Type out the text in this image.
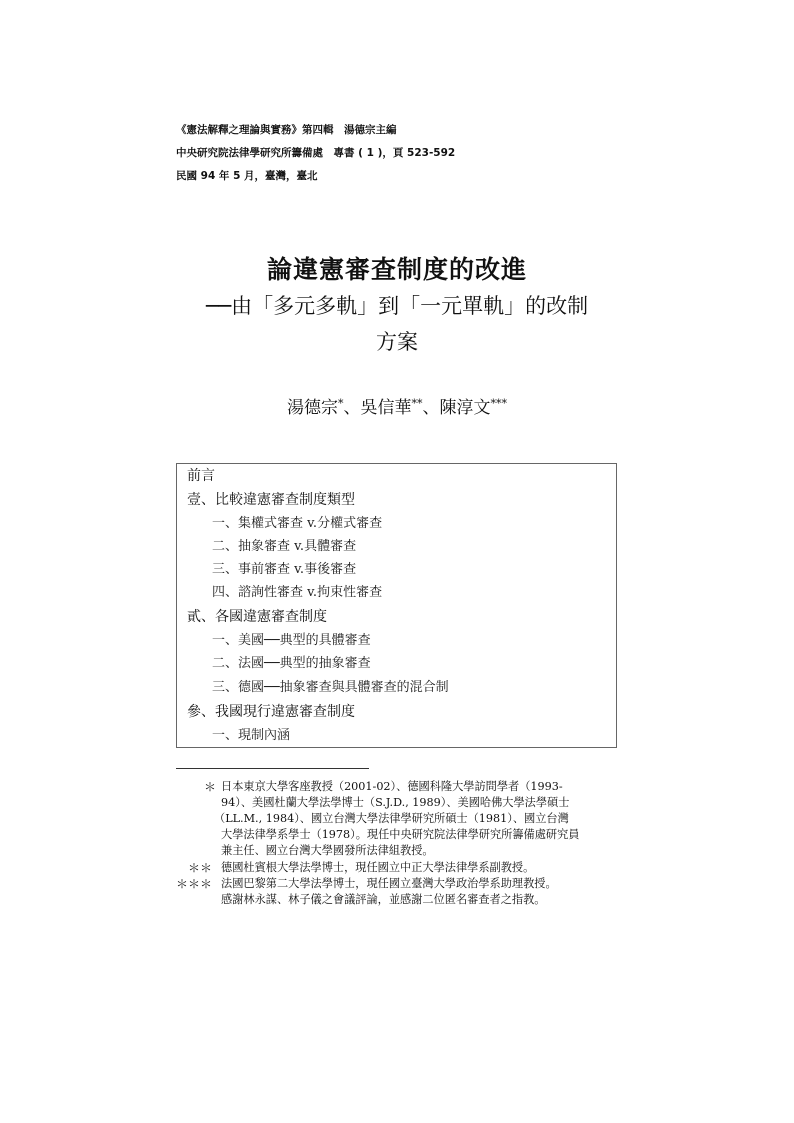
《憲法解釋之理論與實務》第四輯　湯德宗主編
中央研究院法律學研究所籌備處　專書 ( 1 )，頁 523-592
民國 94 年 5 月，臺灣，臺北
論違憲審查制度的改進
──由「多元多軌」到「一元單軌」的改制
方案
湯德宗*、吳信華**、陳淳文***
前言
壹、比較違憲審查制度類型
一、集權式審查 v.分權式審查
二、抽象審查 v.具體審查
三、事前審查 v.事後審查
四、諮詢性審查 v.拘束性審查
貳、各國違憲審查制度
一、美國──典型的具體審查
二、法國──典型的抽象審查
三、德國──抽象審查與具體審查的混合制
參、我國現行違憲審查制度
一、現制內涵
＊ 日本東京大學客座教授（2001-02）、德國科隆大學訪問學者（1993-
94）、美國杜蘭大學法學博士（S.J.D., 1989）、美國哈佛大學法學碩士
（LL.M., 1984）、國立台灣大學法律學研究所碩士（1981）、國立台灣
大學法律學系學士（1978）。現任中央研究院法律學研究所籌備處研究員
兼主任、國立台灣大學國發所法律組教授。
＊＊ 德國杜賓根大學法學博士，現任國立中正大學法律學系副教授。
＊＊＊ 法國巴黎第二大學法學博士，現任國立臺灣大學政治學系助理教授。
感謝林永謀、林子儀之會議評論，並感謝二位匿名審查者之指教。
